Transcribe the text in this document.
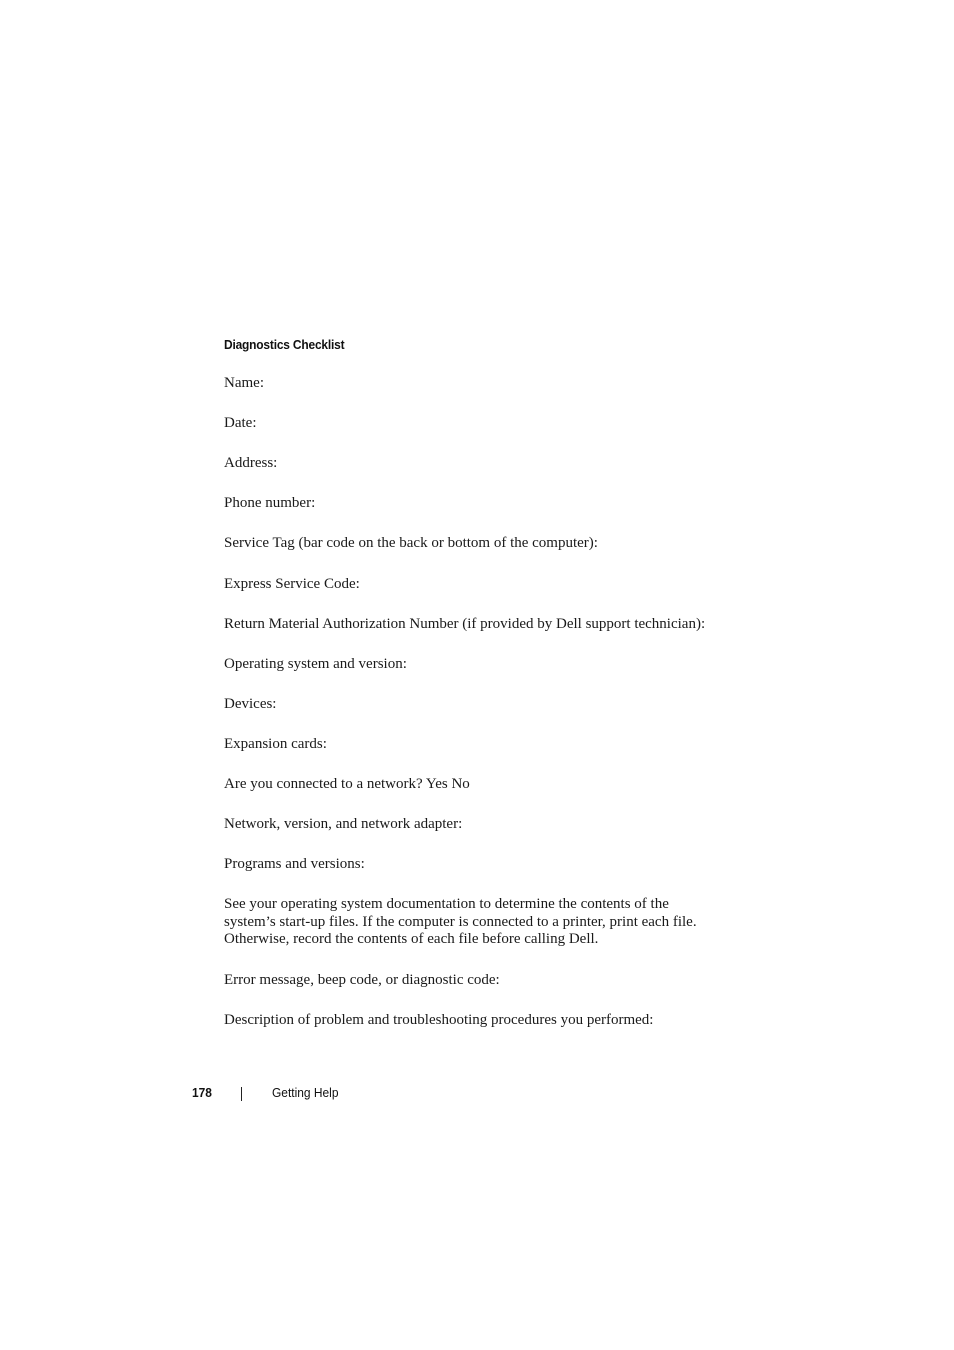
Diagnostics Checklist
Name:
Date:
Address:
Phone number:
Service Tag (bar code on the back or bottom of the computer):
Express Service Code:
Return Material Authorization Number (if provided by Dell support technician):
Operating system and version:
Devices:
Expansion cards:
Are you connected to a network? Yes No
Network, version, and network adapter:
Programs and versions:
See your operating system documentation to determine the contents of the system’s start-up files. If the computer is connected to a printer, print each file. Otherwise, record the contents of each file before calling Dell.
Error message, beep code, or diagnostic code:
Description of problem and troubleshooting procedures you performed:
178	Getting Help
